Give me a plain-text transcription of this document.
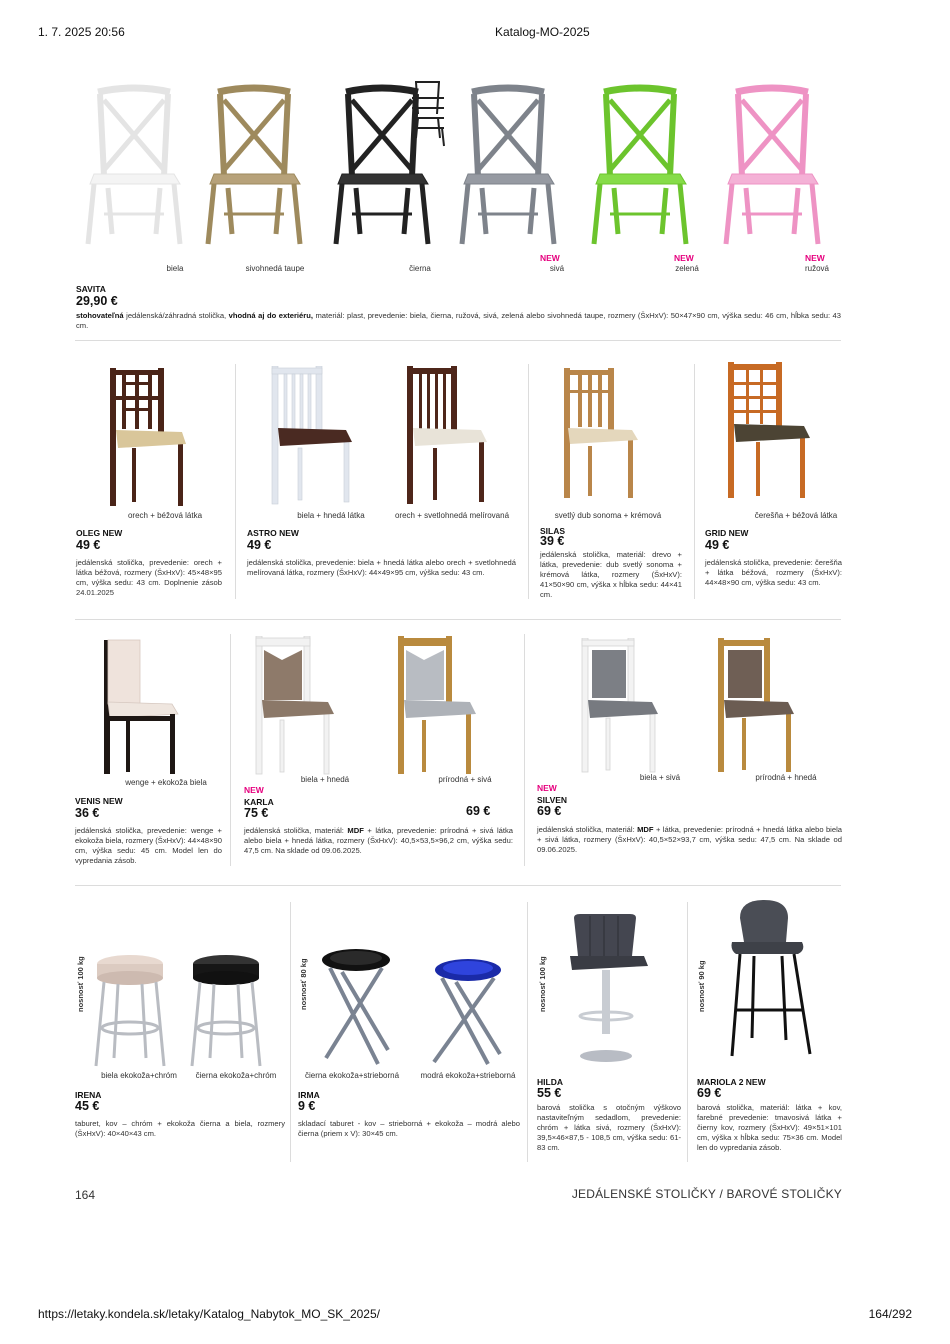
1. 7. 2025 20:56	Katalog-MO-2025
biela	sivohnedá taupe	čierna
NEW
sivá
NEW
zelená
NEW
ružová
SAVITA
29,90 €
stohovateľná jedálenská/záhradná stolička, vhodná aj do exteriéru, materiál: plast, prevedenie: biela, čierna, ružová, sivá, zelená alebo sivohnedá taupe, rozmery (ŠxHxV): 50×47×90 cm, výška sedu: 46 cm, hĺbka sedu: 43 cm.
orech + béžová látka
OLEG NEW
49 €
jedálenská stolička, prevedenie: orech + látka béžová, rozmery (ŠxHxV): 45×48×95 cm, výška sedu: 43 cm. Doplnenie zásob 24.01.2025
biela + hnedá látka	orech + svetlohnedá melírovaná
ASTRO NEW
49 €
jedálenská stolička, prevedenie: biela + hnedá látka alebo orech + svetlohnedá melírovaná látka, rozmery (ŠxHxV): 44×49×95 cm, výška sedu: 43 cm.
svetlý dub sonoma + krémová
SILAS
39 €
jedálenská stolička, materiál: drevo + látka, prevedenie: dub svetlý sonoma + krémová látka, rozmery (ŠxHxV): 41×50×90 cm, výška x hĺbka sedu: 44×41 cm.
čerešňa + béžová látka
GRID NEW
49 €
jedálenská stolička, prevedenie: čerešňa + látka béžová, rozmery (ŠxHxV): 44×48×90 cm, výška sedu: 43 cm.
wenge + ekokoža biela
VENIS NEW
36 €
jedálenská stolička, prevedenie: wenge + ekokoža biela, rozmery (ŠxHxV): 44×48×90 cm, výška sedu: 45 cm. Model len do vypredania zásob.
biela + hnedá	prírodná + sivá
NEW
KARLA
75 €	69 €
jedálenská stolička, materiál: MDF + látka, prevedenie: prírodná + sivá látka alebo biela + hnedá látka, rozmery (ŠxHxV): 40,5×53,5×96,2 cm, výška sedu: 47,5 cm. Na sklade od 09.06.2025.
biela + sivá	prírodná + hnedá
NEW
SILVEN
69 €
jedálenská stolička, materiál: MDF + látka, prevedenie: prírodná + hnedá látka alebo biela + sivá látka, rozmery (ŠxHxV): 40,5×52×93,7 cm, výška sedu: 47,5 cm. Na sklade od 09.06.2025.
nosnosť 100 kg
biela ekokoža+chróm	čierna ekokoža+chróm
IRENA
45 €
taburet, kov – chróm + ekokoža čierna a biela, rozmery (ŠxHxV): 40×40×43 cm.
nosnosť 80 kg
čierna ekokoža+strieborná	modrá ekokoža+strieborná
IRMA
9 €
skladací taburet - kov – strieborná + ekokoža – modrá alebo čierna (priem x V): 30×45 cm.
nosnosť 100 kg
HILDA
55 €
barová stolička s otočným výškovo nastaviteľným sedadlom, prevedenie: chróm + látka sivá, rozmery (ŠxHxV): 39,5×46×87,5 - 108,5 cm, výška sedu: 61-83 cm.
nosnosť 90 kg
MARIOLA 2 NEW
69 €
barová stolička, materiál: látka + kov, farebné prevedenie: tmavosivá látka + čierny kov, rozmery (ŠxHxV): 49×51×101 cm, výška x hĺbka sedu: 75×36 cm. Model len do vypredania zásob.
164	JEDÁLENSKÉ STOLIČKY / BAROVÉ STOLIČKY
https://letaky.kondela.sk/letaky/Katalog_Nabytok_MO_SK_2025/	164/292
